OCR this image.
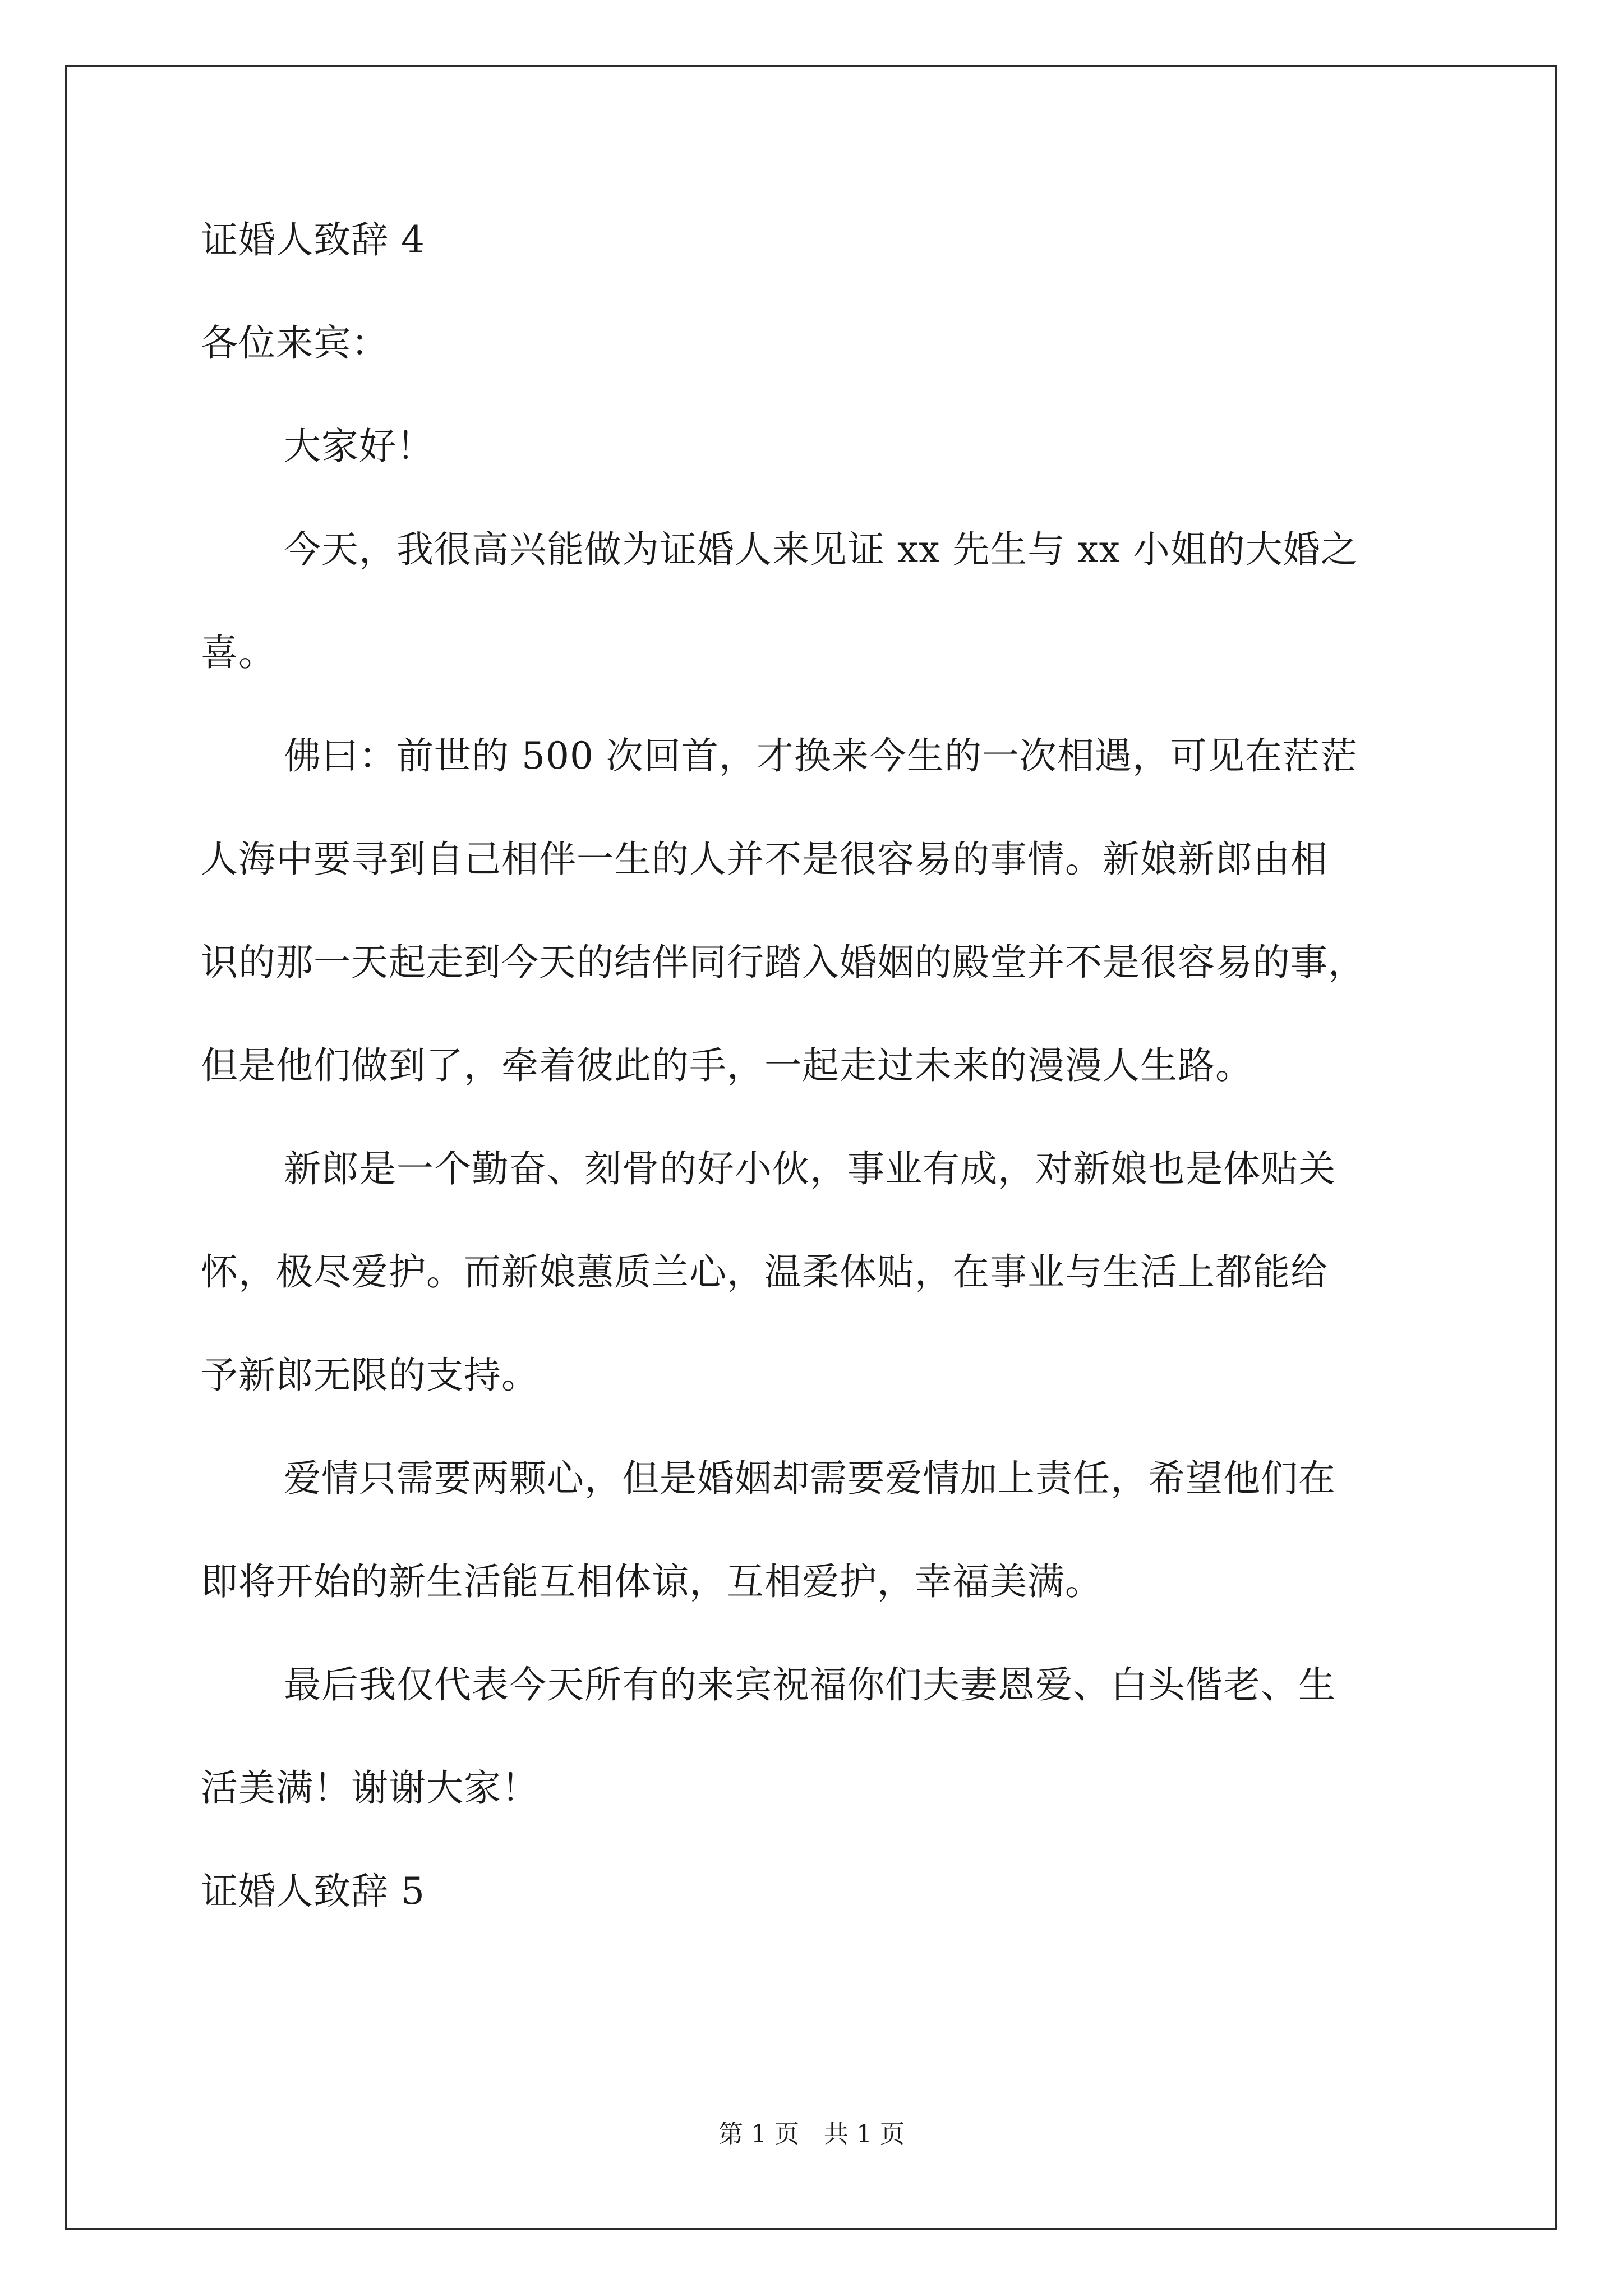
证婚人致辞 4

各位来宾：

大家好！

今天，我很高兴能做为证婚人来见证 xx 先生与 xx 小姐的大婚之

喜。

佛曰：前世的 500 次回首，才换来今生的一次相遇，可见在茫茫

人海中要寻到自己相伴一生的人并不是很容易的事情。新娘新郎由相

识的那一天起走到今天的结伴同行踏入婚姻的殿堂并不是很容易的事，

但是他们做到了，牵着彼此的手，一起走过未来的漫漫人生路。

新郎是一个勤奋、刻骨的好小伙，事业有成，对新娘也是体贴关

怀，极尽爱护。而新娘蕙质兰心，温柔体贴，在事业与生活上都能给

予新郎无限的支持。

爱情只需要两颗心，但是婚姻却需要爱情加上责任，希望他们在

即将开始的新生活能互相体谅，互相爱护，幸福美满。

最后我仅代表今天所有的来宾祝福你们夫妻恩爱、白头偕老、生

活美满！谢谢大家！

证婚人致辞 5

第 1 页　共 1 页
